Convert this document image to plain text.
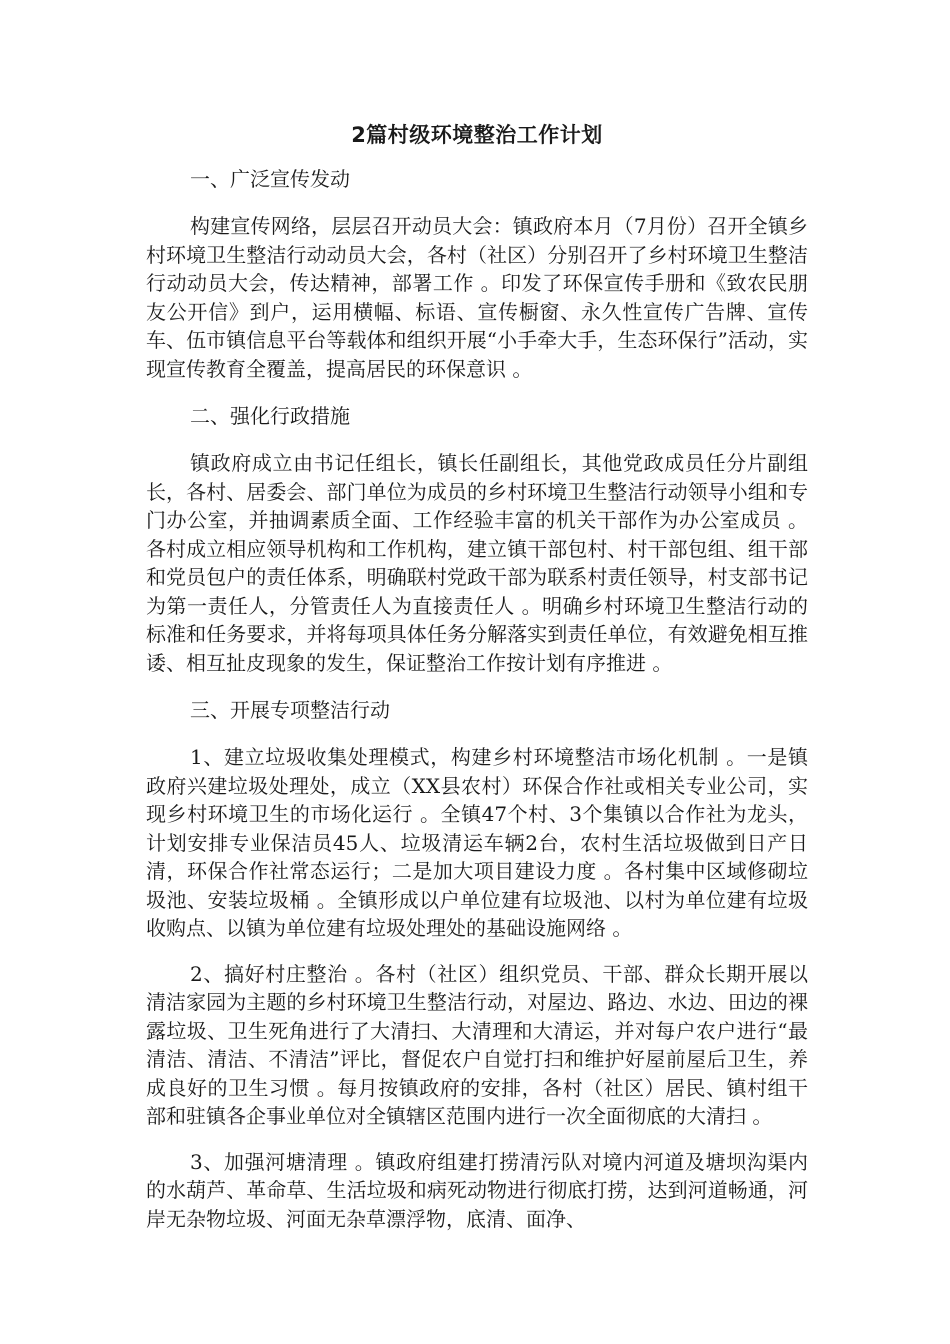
2篇村级环境整治工作计划
一、广泛宣传发动

构建宣传网络，层层召开动员大会：镇政府本月（7月份）召开全镇乡村环境卫生整洁行动动员大会，各村（社区）分别召开了乡村环境卫生整洁行动动员大会，传达精神，部署工作 。印发了环保宣传手册和《致农民朋友公开信》到户，运用横幅、标语、宣传橱窗、永久性宣传广告牌、宣传车、伍市镇信息平台等载体和组织开展“小手牵大手，生态环保行”活动，实现宣传教育全覆盖，提高居民的环保意识 。

二、强化行政措施

镇政府成立由书记任组长，镇长任副组长，其他党政成员任分片副组长，各村、居委会、部门单位为成员的乡村环境卫生整洁行动领导小组和专门办公室，并抽调素质全面、工作经验丰富的机关干部作为办公室成员 。各村成立相应领导机构和工作机构，建立镇干部包村、村干部包组、组干部和党员包户的责任体系，明确联村党政干部为联系村责任领导，村支部书记为第一责任人，分管责任人为直接责任人 。明确乡村环境卫生整洁行动的标准和任务要求，并将每项具体任务分解落实到责任单位，有效避免相互推诿、相互扯皮现象的发生，保证整治工作按计划有序推进 。

三、开展专项整洁行动

1、建立垃圾收集处理模式，构建乡村环境整洁市场化机制 。一是镇政府兴建垃圾处理处，成立（XX县农村）环保合作社或相关专业公司，实现乡村环境卫生的市场化运行 。全镇47个村、3个集镇以合作社为龙头，计划安排专业保洁员45人、垃圾清运车辆2台，农村生活垃圾做到日产日清，环保合作社常态运行；二是加大项目建设力度 。各村集中区域修砌垃圾池、安装垃圾桶 。全镇形成以户单位建有垃圾池、以村为单位建有垃圾收购点、以镇为单位建有垃圾处理处的基础设施网络 。

2、搞好村庄整治 。各村（社区）组织党员、干部、群众长期开展以清洁家园为主题的乡村环境卫生整洁行动，对屋边、路边、水边、田边的裸露垃圾、卫生死角进行了大清扫、大清理和大清运，并对每户农户进行“最清洁、清洁、不清洁”评比，督促农户自觉打扫和维护好屋前屋后卫生，养成良好的卫生习惯 。每月按镇政府的安排，各村（社区）居民、镇村组干部和驻镇各企事业单位对全镇辖区范围内进行一次全面彻底的大清扫 。

3、加强河塘清理 。镇政府组建打捞清污队对境内河道及塘坝沟渠内的水葫芦、革命草、生活垃圾和病死动物进行彻底打捞，达到河道畅通，河岸无杂物垃圾、河面无杂草漂浮物，底清、面净、
